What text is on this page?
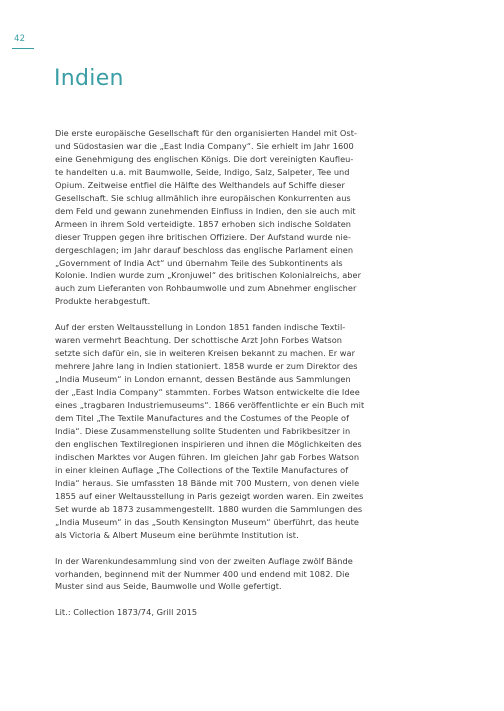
42
Indien

Die erste europäische Gesellschaft für den organisierten Handel mit Ost-
und Südostasien war die „East India Company“. Sie erhielt im Jahr 1600
eine Genehmigung des englischen Königs. Die dort vereinigten Kaufleu-
te handelten u.a. mit Baumwolle, Seide, Indigo, Salz, Salpeter, Tee und
Opium. Zeitweise entfiel die Hälfte des Welthandels auf Schiffe dieser
Gesellschaft. Sie schlug allmählich ihre europäischen Konkurrenten aus
dem Feld und gewann zunehmenden Einfluss in Indien, den sie auch mit
Armeen in ihrem Sold verteidigte. 1857 erhoben sich indische Soldaten
dieser Truppen gegen ihre britischen Offiziere. Der Aufstand wurde nie-
dergeschlagen; im Jahr darauf beschloss das englische Parlament einen
„Government of India Act“ und übernahm Teile des Subkontinents als
Kolonie. Indien wurde zum „Kronjuwel“ des britischen Kolonialreichs, aber
auch zum Lieferanten von Rohbaumwolle und zum Abnehmer englischer
Produkte herabgestuft.

Auf der ersten Weltausstellung in London 1851 fanden indische Textil-
waren vermehrt Beachtung. Der schottische Arzt John Forbes Watson
setzte sich dafür ein, sie in weiteren Kreisen bekannt zu machen. Er war
mehrere Jahre lang in Indien stationiert. 1858 wurde er zum Direktor des
„India Museum“ in London ernannt, dessen Bestände aus Sammlungen
der „East India Company“ stammten. Forbes Watson entwickelte die Idee
eines „tragbaren Industriemuseums“. 1866 veröffentlichte er ein Buch mit
dem Titel „The Textile Manufactures and the Costumes of the People of
India“. Diese Zusammenstellung sollte Studenten und Fabrikbesitzer in
den englischen Textilregionen inspirieren und ihnen die Möglichkeiten des
indischen Marktes vor Augen führen. Im gleichen Jahr gab Forbes Watson
in einer kleinen Auflage „The Collections of the Textile Manufactures of
India“ heraus. Sie umfassten 18 Bände mit 700 Mustern, von denen viele
1855 auf einer Weltausstellung in Paris gezeigt worden waren. Ein zweites
Set wurde ab 1873 zusammengestellt. 1880 wurden die Sammlungen des
„India Museum“ in das „South Kensington Museum“ überführt, das heute
als Victoria & Albert Museum eine berühmte Institution ist.

In der Warenkundesammlung sind von der zweiten Auflage zwölf Bände
vorhanden, beginnend mit der Nummer 400 und endend mit 1082. Die
Muster sind aus Seide, Baumwolle und Wolle gefertigt.

Lit.: Collection 1873/74, Grill 2015
